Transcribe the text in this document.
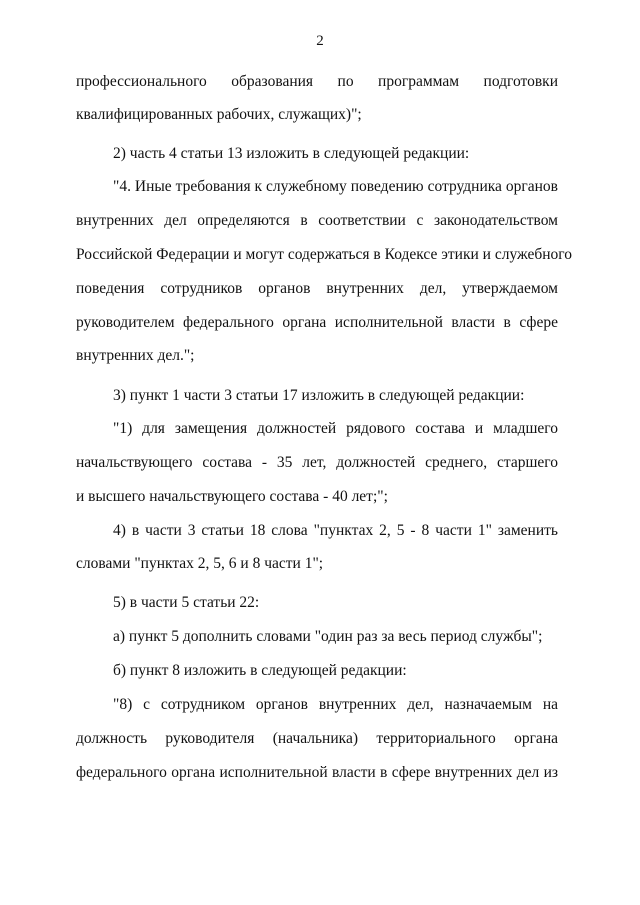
2
профессионального образования по программам подготовки
квалифицированных рабочих, служащих)";
2) часть 4 статьи 13 изложить в следующей редакции:
"4. Иные требования к служебному поведению сотрудника органов
внутренних дел определяются в соответствии с законодательством
Российской Федерации и могут содержаться в Кодексе этики и служебного
поведения сотрудников органов внутренних дел, утверждаемом
руководителем федерального органа исполнительной власти в сфере
внутренних дел.";
3) пункт 1 части 3 статьи 17 изложить в следующей редакции:
"1) для замещения должностей рядового состава и младшего
начальствующего состава - 35 лет, должностей среднего, старшего
и высшего начальствующего состава - 40 лет;";
4) в части 3 статьи 18 слова "пунктах 2, 5 - 8 части 1" заменить
словами "пунктах 2, 5, 6 и 8 части 1";
5) в части 5 статьи 22:
а) пункт 5 дополнить словами "один раз за весь период службы";
б) пункт 8 изложить в следующей редакции:
"8) с сотрудником органов внутренних дел, назначаемым на
должность руководителя (начальника) территориального органа
федерального органа исполнительной власти в сфере внутренних дел из
